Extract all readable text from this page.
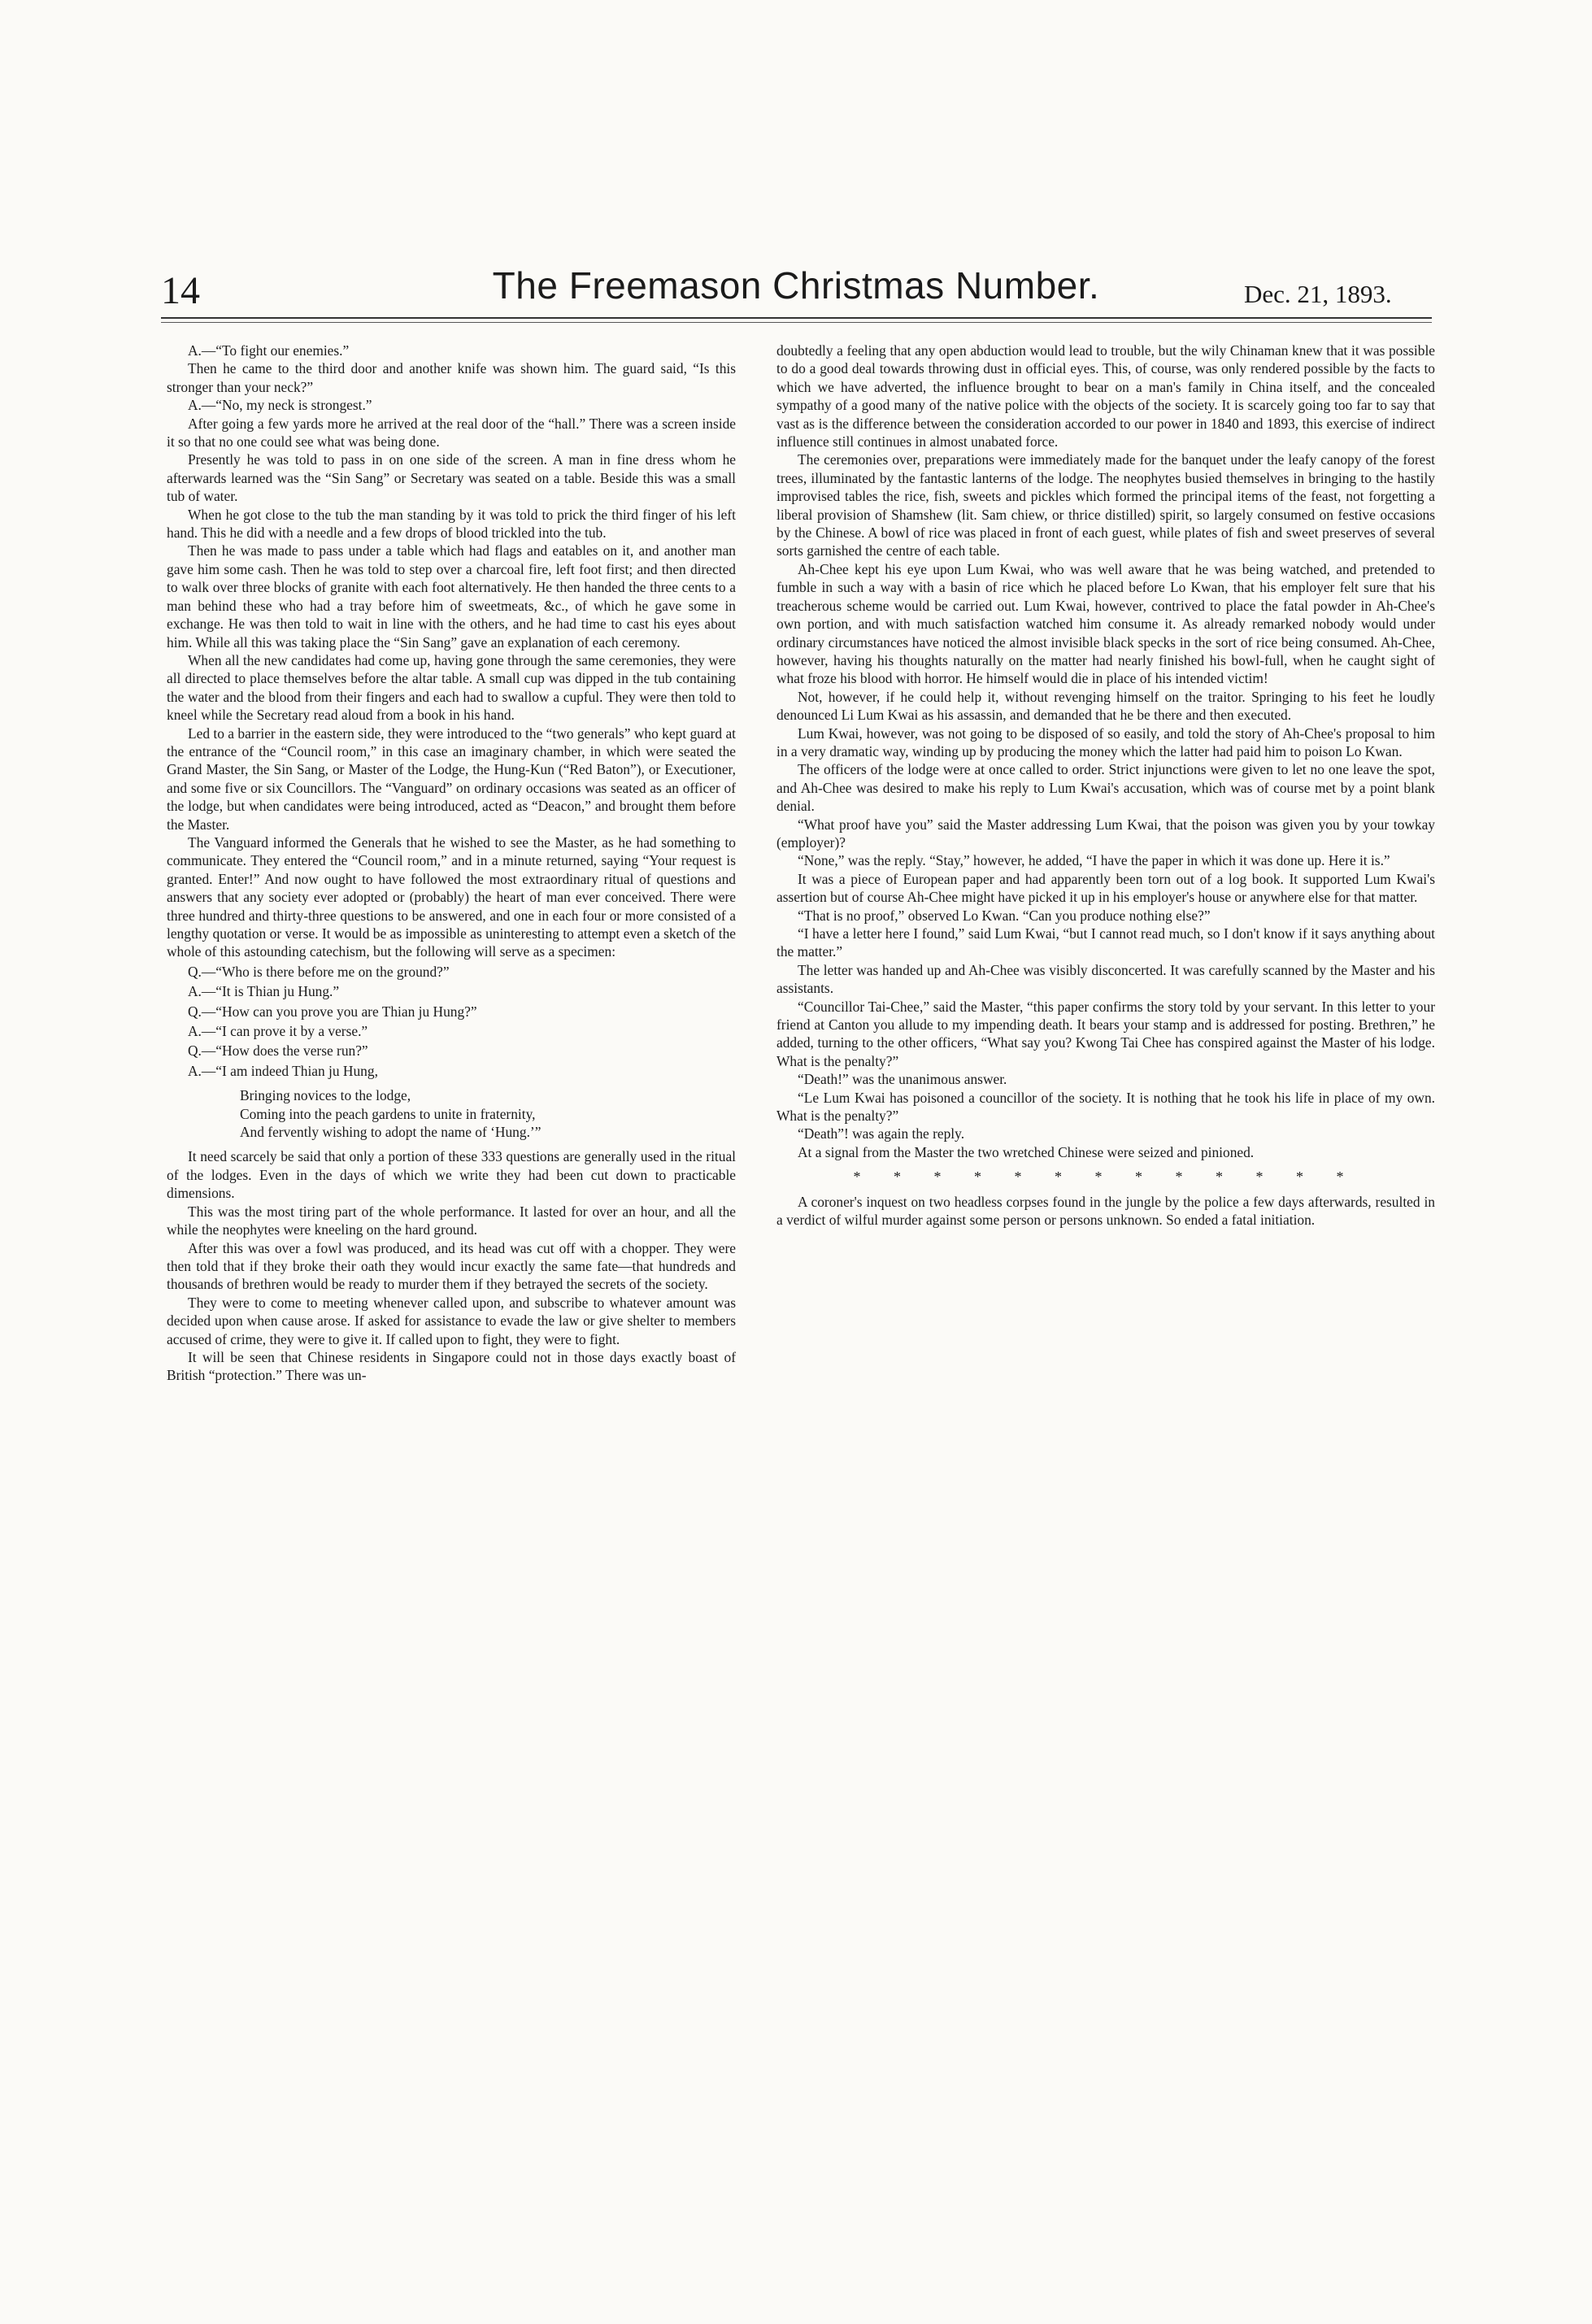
14	The Freemason Christmas Number.	Dec. 21, 1893.

A.—“To fight our enemies.”

Then he came to the third door and another knife was shown him. The guard said, “Is this stronger than your neck?”

A.—“No, my neck is strongest.”

After going a few yards more he arrived at the real door of the “hall.” There was a screen inside it so that no one could see what was being done.

Presently he was told to pass in on one side of the screen. A man in fine dress whom he afterwards learned was the “Sin Sang” or Secretary was seated on a table. Beside this was a small tub of water.

When he got close to the tub the man standing by it was told to prick the third finger of his left hand. This he did with a needle and a few drops of blood trickled into the tub.

Then he was made to pass under a table which had flags and eatables on it, and another man gave him some cash. Then he was told to step over a charcoal fire, left foot first; and then directed to walk over three blocks of granite with each foot alternatively. He then handed the three cents to a man behind these who had a tray before him of sweetmeats, &c., of which he gave some in exchange. He was then told to wait in line with the others, and he had time to cast his eyes about him. While all this was taking place the “Sin Sang” gave an explanation of each ceremony.

When all the new candidates had come up, having gone through the same ceremonies, they were all directed to place themselves before the altar table. A small cup was dipped in the tub containing the water and the blood from their fingers and each had to swallow a cupful. They were then told to kneel while the Secretary read aloud from a book in his hand.

Led to a barrier in the eastern side, they were introduced to the “two generals” who kept guard at the entrance of the “Council room,” in this case an imaginary chamber, in which were seated the Grand Master, the Sin Sang, or Master of the Lodge, the Hung-Kun (“Red Baton”), or Executioner, and some five or six Councillors. The “Vanguard” on ordinary occasions was seated as an officer of the lodge, but when candidates were being introduced, acted as “Deacon,” and brought them before the Master.

The Vanguard informed the Generals that he wished to see the Master, as he had something to communicate. They entered the “Council room,” and in a minute returned, saying “Your request is granted. Enter!” And now ought to have followed the most extraordinary ritual of questions and answers that any society ever adopted or (probably) the heart of man ever conceived. There were three hundred and thirty-three questions to be answered, and one in each four or more consisted of a lengthy quotation or verse. It would be as impossible as uninteresting to attempt even a sketch of the whole of this astounding catechism, but the following will serve as a specimen:

Q.—“Who is there before me on the ground?”

A.—“It is Thian ju Hung.”

Q.—“How can you prove you are Thian ju Hung?”

A.—“I can prove it by a verse.”

Q.—“How does the verse run?”

A.—“I am indeed Thian ju Hung,

Bringing novices to the lodge,
Coming into the peach gardens to unite in fraternity,
And fervently wishing to adopt the name of ‘Hung.’”

It need scarcely be said that only a portion of these 333 questions are generally used in the ritual of the lodges. Even in the days of which we write they had been cut down to practicable dimensions.

This was the most tiring part of the whole performance. It lasted for over an hour, and all the while the neophytes were kneeling on the hard ground.

After this was over a fowl was produced, and its head was cut off with a chopper. They were then told that if they broke their oath they would incur exactly the same fate—that hundreds and thousands of brethren would be ready to murder them if they betrayed the secrets of the society.

They were to come to meeting whenever called upon, and subscribe to whatever amount was decided upon when cause arose. If asked for assistance to evade the law or give shelter to members accused of crime, they were to give it. If called upon to fight, they were to fight.

It will be seen that Chinese residents in Singapore could not in those days exactly boast of British “protection.” There was un-

doubtedly a feeling that any open abduction would lead to trouble, but the wily Chinaman knew that it was possible to do a good deal towards throwing dust in official eyes. This, of course, was only rendered possible by the facts to which we have adverted, the influence brought to bear on a man's family in China itself, and the concealed sympathy of a good many of the native police with the objects of the society. It is scarcely going too far to say that vast as is the difference between the consideration accorded to our power in 1840 and 1893, this exercise of indirect influence still continues in almost unabated force.

The ceremonies over, preparations were immediately made for the banquet under the leafy canopy of the forest trees, illuminated by the fantastic lanterns of the lodge. The neophytes busied themselves in bringing to the hastily improvised tables the rice, fish, sweets and pickles which formed the principal items of the feast, not forgetting a liberal provision of Shamshew (lit. Sam chiew, or thrice distilled) spirit, so largely consumed on festive occasions by the Chinese. A bowl of rice was placed in front of each guest, while plates of fish and sweet preserves of several sorts garnished the centre of each table.

Ah-Chee kept his eye upon Lum Kwai, who was well aware that he was being watched, and pretended to fumble in such a way with a basin of rice which he placed before Lo Kwan, that his employer felt sure that his treacherous scheme would be carried out. Lum Kwai, however, contrived to place the fatal powder in Ah-Chee's own portion, and with much satisfaction watched him consume it. As already remarked nobody would under ordinary circumstances have noticed the almost invisible black specks in the sort of rice being consumed. Ah-Chee, however, having his thoughts naturally on the matter had nearly finished his bowl-full, when he caught sight of what froze his blood with horror. He himself would die in place of his intended victim!

Not, however, if he could help it, without revenging himself on the traitor. Springing to his feet he loudly denounced Li Lum Kwai as his assassin, and demanded that he be there and then executed.

Lum Kwai, however, was not going to be disposed of so easily, and told the story of Ah-Chee's proposal to him in a very dramatic way, winding up by producing the money which the latter had paid him to poison Lo Kwan.

The officers of the lodge were at once called to order. Strict injunctions were given to let no one leave the spot, and Ah-Chee was desired to make his reply to Lum Kwai's accusation, which was of course met by a point blank denial.

“What proof have you” said the Master addressing Lum Kwai, that the poison was given you by your towkay (employer)?

“None,” was the reply. “Stay,” however, he added, “I have the paper in which it was done up. Here it is.”

It was a piece of European paper and had apparently been torn out of a log book. It supported Lum Kwai's assertion but of course Ah-Chee might have picked it up in his employer's house or anywhere else for that matter.

“That is no proof,” observed Lo Kwan. “Can you produce nothing else?”

“I have a letter here I found,” said Lum Kwai, “but I cannot read much, so I don't know if it says anything about the matter.”

The letter was handed up and Ah-Chee was visibly disconcerted. It was carefully scanned by the Master and his assistants.

“Councillor Tai-Chee,” said the Master, “this paper confirms the story told by your servant. In this letter to your friend at Canton you allude to my impending death. It bears your stamp and is addressed for posting. Brethren,” he added, turning to the other officers, “What say you? Kwong Tai Chee has conspired against the Master of his lodge. What is the penalty?”

“Death!” was the unanimous answer.

“Le Lum Kwai has poisoned a councillor of the society. It is nothing that he took his life in place of my own. What is the penalty?”

“Death”! was again the reply.

At a signal from the Master the two wretched Chinese were seized and pinioned.

* * * * * * * * * * * * *

A coroner's inquest on two headless corpses found in the jungle by the police a few days afterwards, resulted in a verdict of wilful murder against some person or persons unknown. So ended a fatal initiation.
